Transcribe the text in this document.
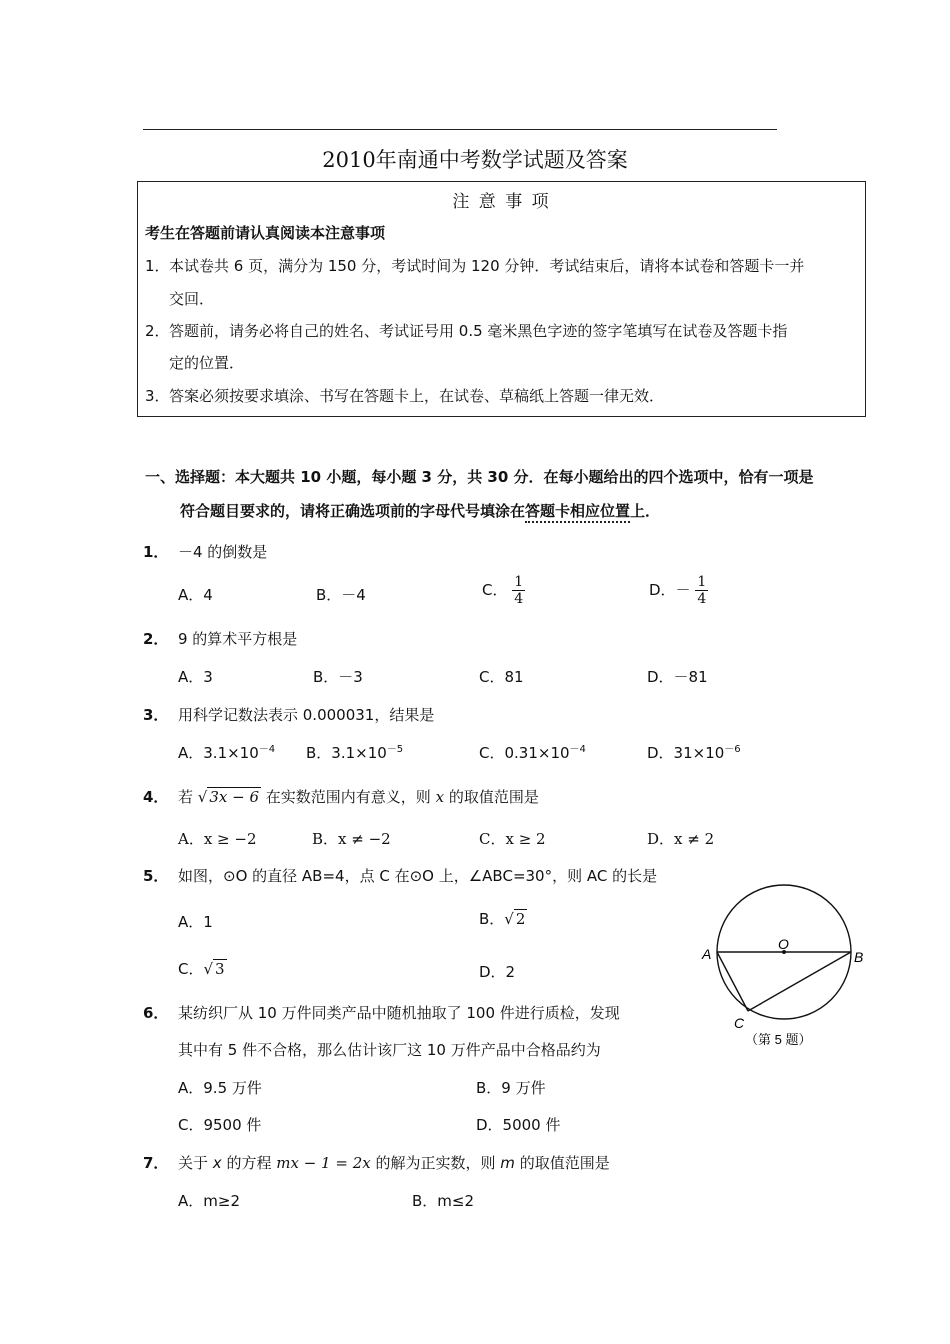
2010年南通中考数学试题及答案
注 意 事 项
考生在答题前请认真阅读本注意事项
1． 本试卷共 6 页，满分为 150 分，考试时间为 120 分钟．考试结束后，请将本试卷和答题卡一并
交回．
2． 答题前，请务必将自己的姓名、考试证号用 0.5 毫米黑色字迹的签字笔填写在试卷及答题卡指
定的位置．
3． 答案必须按要求填涂、书写在答题卡上，在试卷、草稿纸上答题一律无效．
一、选择题：本大题共 10 小题，每小题 3 分，共 30 分．在每小题给出的四个选项中，恰有一项是
符合题目要求的，请将正确选项前的字母代号填涂在答题卡相应位置上．
1． －4 的倒数是
A．4	B．－4	C． $\frac{1}{4}$	D．－ $\frac{1}{4}$
2． 9 的算术平方根是
A．3	B．－3	C．81	D．－81
3． 用科学记数法表示 0.000031，结果是
A．$3.1\times 10^{-4}$ B．$3.1\times 10^{-5}$	C．$0.31\times 10^{-4}$	D．$31\times 10^{-6}$
4． 若 √ 3x − 6 在实数范围内有意义，则 x 的取值范围是
A．x ≥ −2	B．x ≠ −2	C．x ≥ 2	D．x ≠ 2
5． 如图，⊙O 的直径 AB=4，点 C 在⊙O 上，∠ABC=30°，则 AC 的长是
A．1	B．√ 2
C．√ 3	D．2
A	B
C
O
（第 5 题）
6． 某纺织厂从 10 万件同类产品中随机抽取了 100 件进行质检，发现
其中有 5 件不合格，那么估计该厂这 10 万件产品中合格品约为
A．9.5 万件	B．9 万件
C．9500 件	D．5000 件
7． 关于 x 的方程 mx − 1 = 2x 的解为正实数，则 m 的取值范围是
A．m≥2	B．m≤2
